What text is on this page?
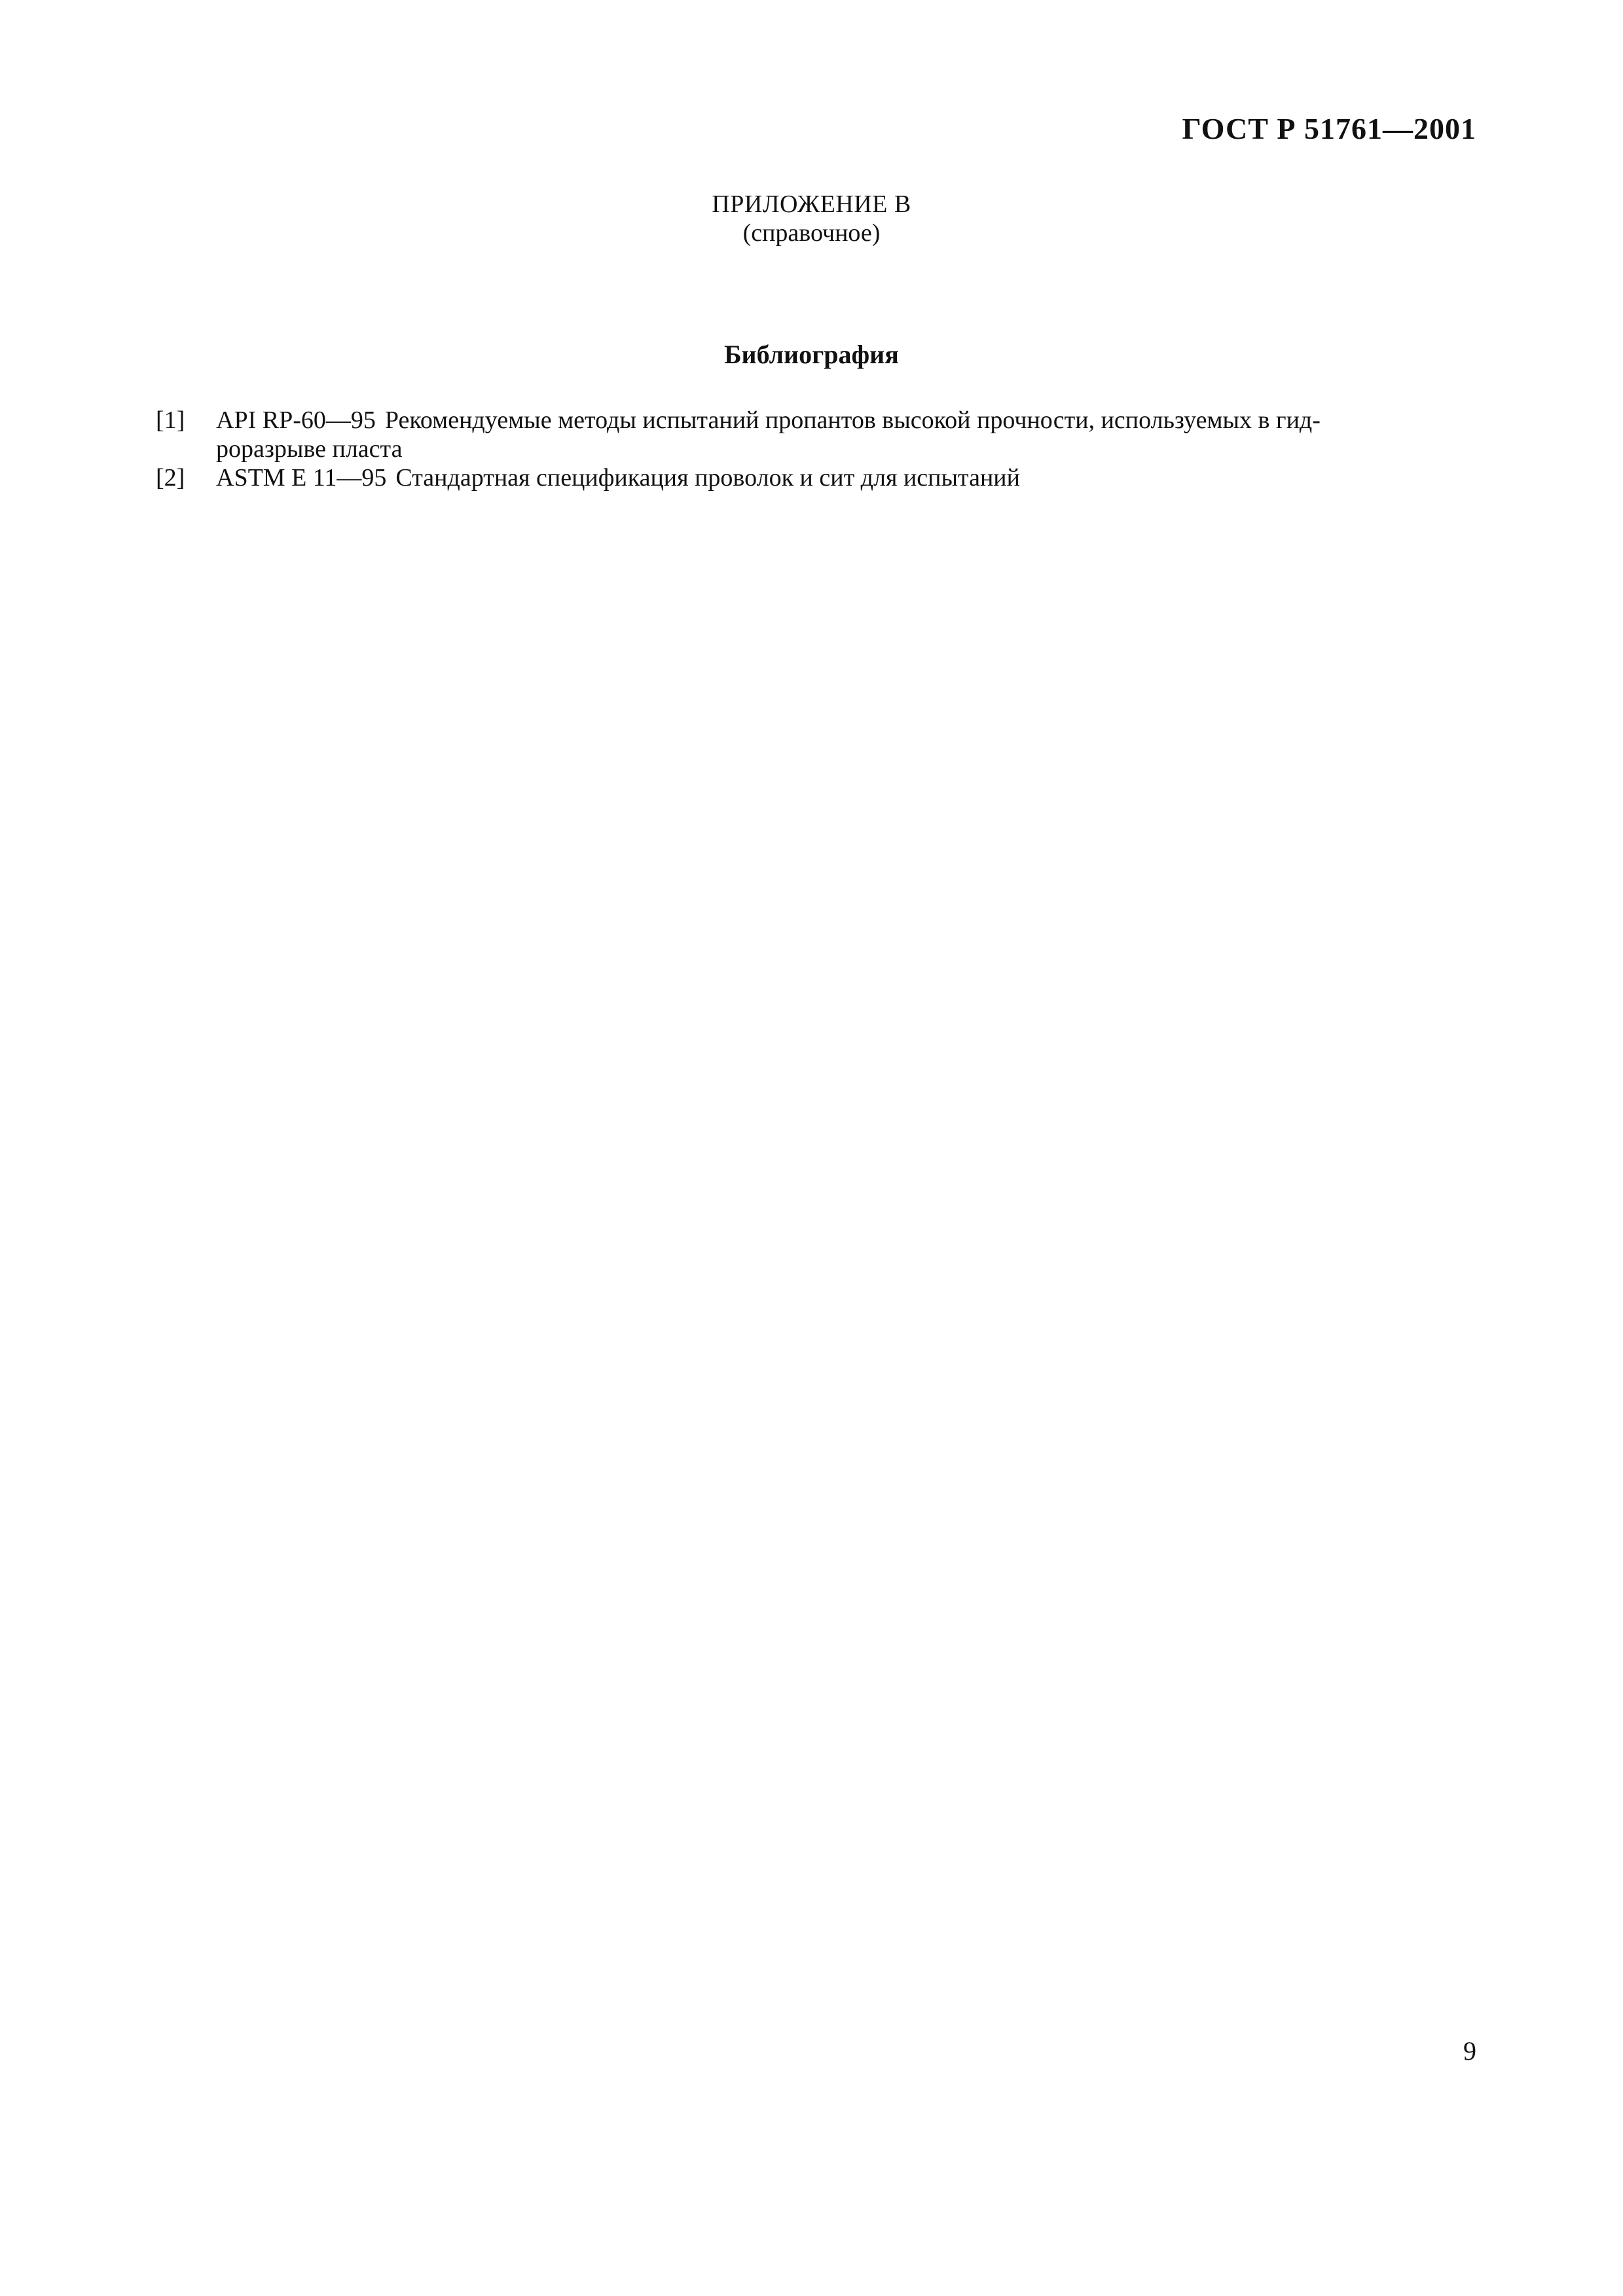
ГОСТ Р 51761—2001
ПРИЛОЖЕНИЕ В
(справочное)
Библиография
[1]	API RP-60—95 Рекомендуемые методы испытаний пропантов высокой прочности, используемых в гид-
роразрыве пласта
[2]	ASTM E 11—95 Стандартная спецификация проволок и сит для испытаний
9
